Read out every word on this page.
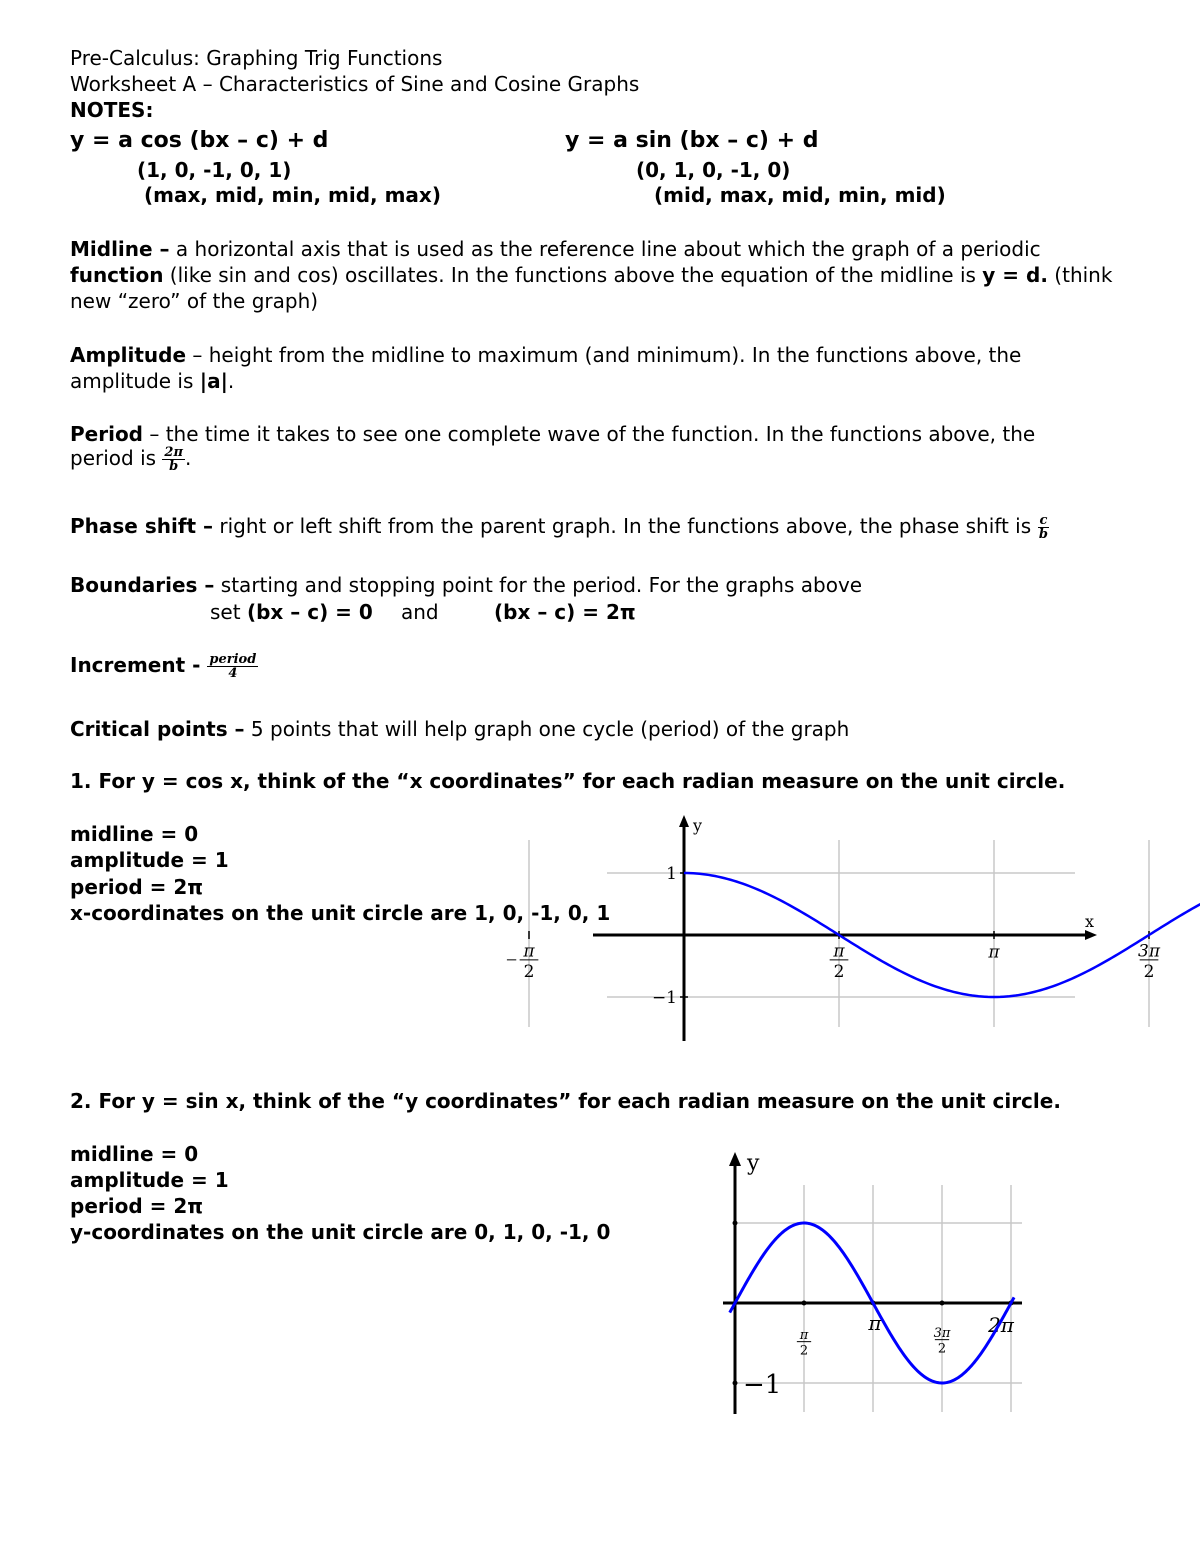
Pre-Calculus: Graphing Trig Functions
Worksheet A – Characteristics of Sine and Cosine Graphs
NOTES:
y = a cos (bx – c) + d
(1, 0, -1, 0, 1)
(max, mid, min, mid, max)
y = a sin (bx – c) + d
(0, 1, 0, -1, 0)
(mid, max, mid, min, mid)
Midline – a horizontal axis that is used as the reference line about which the graph of a periodic
function (like sin and cos) oscillates. In the functions above the equation of the midline is y = d. (think
new “zero” of the graph)
Amplitude – height from the midline to maximum (and minimum). In the functions above, the
amplitude is |a|.
Period – the time it takes to see one complete wave of the function. In the functions above, the
period is $\frac{2\pi}{b}$ .
Phase shift – right or left shift from the parent graph. In the functions above, the phase shift is $\frac{c}{b}$
Boundaries – starting and stopping point for the period. For the graphs above
set (bx – c) = 0 and	(bx – c) = 2π
Increment - $\frac{\text{period}}{4}$
Critical points – 5 points that will help graph one cycle (period) of the graph
1. For y = cos x, think of the “x coordinates” for each radian measure on the unit circle.
midline = 0
amplitude = 1
period = 2π
x-coordinates on the unit circle are 1, 0, -1, 0, 1	x
y
π
2
π
2
π	3π
2
1
−1
2. For y = sin x, think of the “y coordinates” for each radian measure on the unit circle.
midline = 0
amplitude = 1
period = 2π
y-coordinates on the unit circle are 0, 1, 0, -1, 0
y
π
2
π	3π
2
2π
−1
